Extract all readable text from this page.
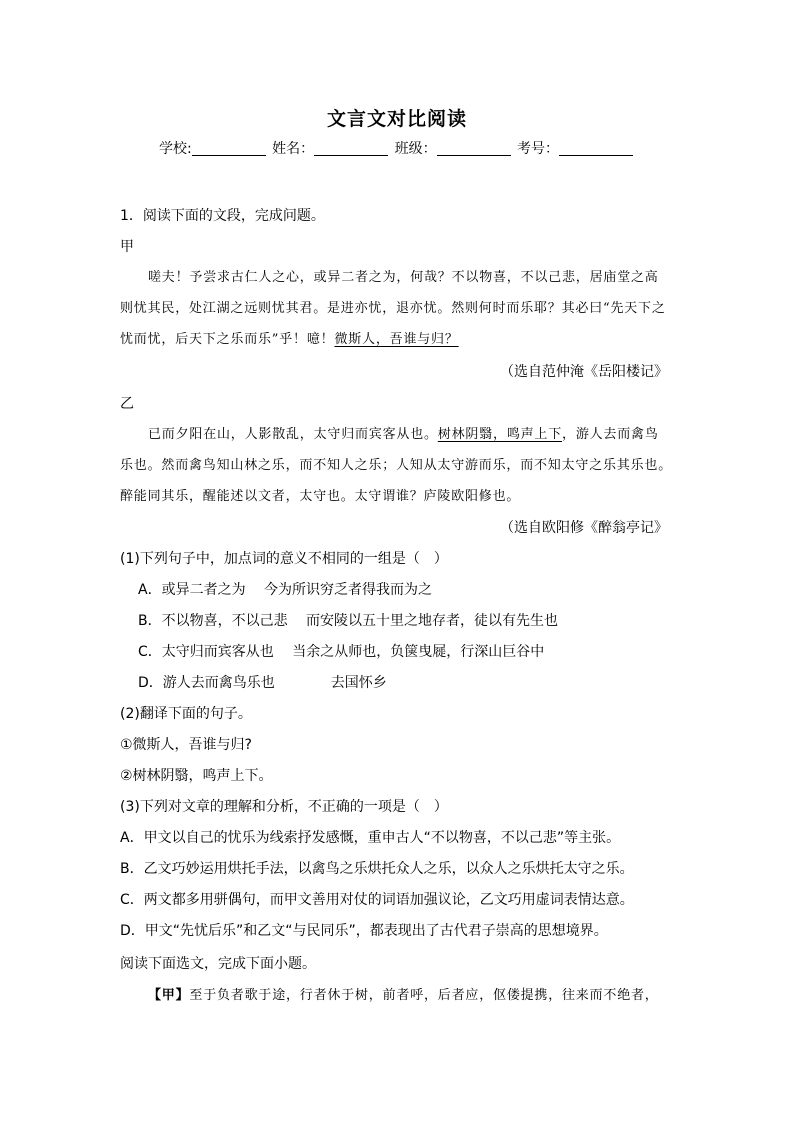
文言文对比阅读
学校:	姓名：	班级：	考号：
1．阅读下面的文段，完成问题。
甲
嗟夫！予尝求古仁人之心，或异二者之为，何哉？不以物喜，不以己悲，居庙堂之高
则忧其民，处江湖之远则忧其君。是进亦忧，退亦忧。然则何时而乐耶？其必曰“先天下之
忧而忧，后天下之乐而乐”乎！噫！微斯人，吾谁与归？
（选自范仲淹《岳阳楼记》
乙
已而夕阳在山，人影散乱，太守归而宾客从也。树林阴翳，鸣声上下，游人去而禽鸟
乐也。然而禽鸟知山林之乐，而不知人之乐；人知从太守游而乐，而不知太守之乐其乐也。
醉能同其乐，醒能述以文者，太守也。太守谓谁？庐陵欧阳修也。
（选自欧阳修《醉翁亭记》
(1)下列句子中，加点词的意义不相同的一组是（　）
A．或异二者之为　 今为所识穷乏者得我而为之
B．不以物喜，不以己悲　 而安陵以五十里之地存者，徒以有先生也
C．太守归而宾客从也　 当余之从师也，负箧曳屣，行深山巨谷中
D．游人去而禽鸟乐也　　　　去国怀乡
(2)翻译下面的句子。
①微斯人，吾谁与归?
②树林阴翳，鸣声上下。
(3)下列对文章的理解和分析，不正确的一项是（　）
A．甲文以自己的忧乐为线索抒发感慨，重申古人“不以物喜，不以己悲”等主张。
B．乙文巧妙运用烘托手法，以禽鸟之乐烘托众人之乐，以众人之乐烘托太守之乐。
C．两文都多用骈偶句，而甲文善用对仗的词语加强议论，乙文巧用虚词表情达意。
D．甲文“先忧后乐”和乙文“与民同乐”，都表现出了古代君子崇高的思想境界。
阅读下面选文，完成下面小题。
【甲】至于负者歌于途，行者休于树，前者呼，后者应，伛偻提携，往来而不绝者，
